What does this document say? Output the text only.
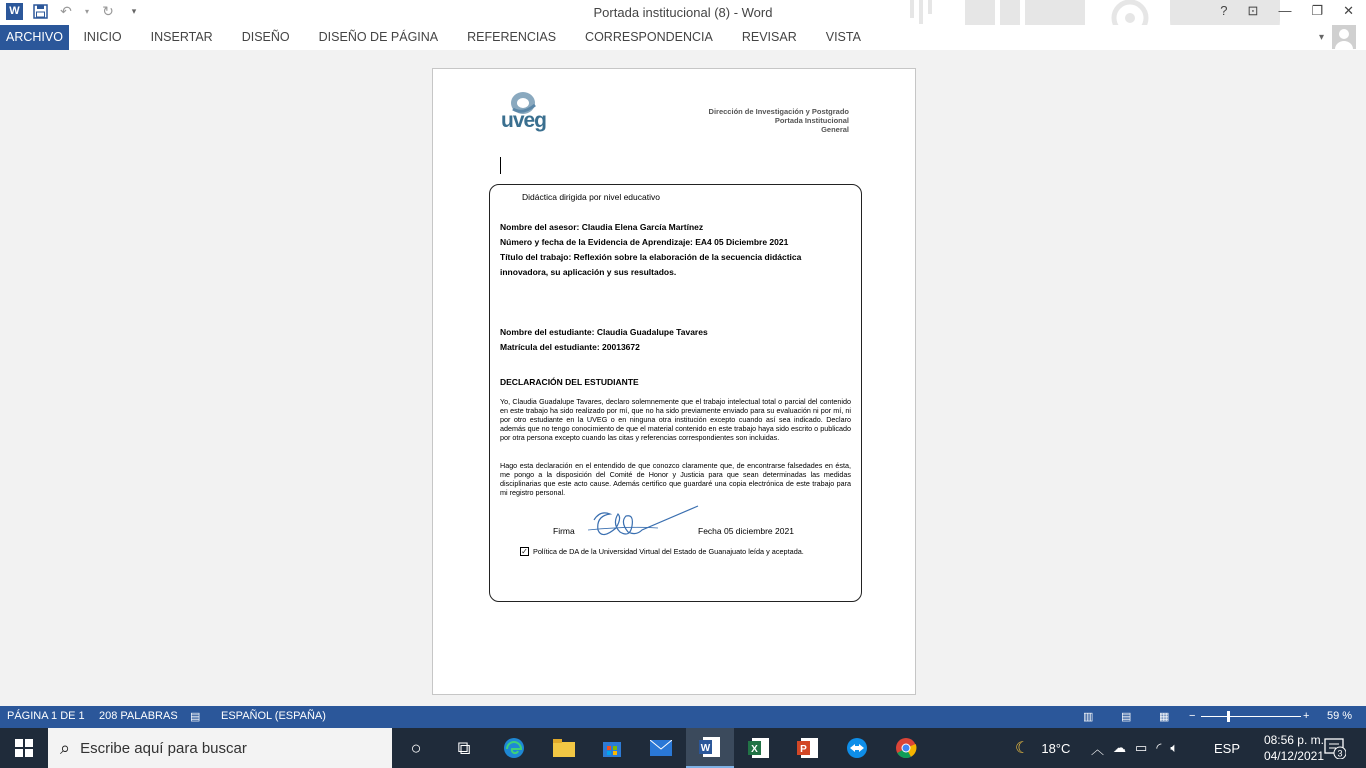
W	↶	▾ ↻	▾	Portada institucional (8) - Word	? ⊡ — ❐ ✕
ARCHIVO	INICIO	INSERTAR	DISEÑO	DISEÑO DE PÁGINA	REFERENCIAS	CORRESPONDENCIA	REVISAR	VISTA	▾
uveg	Dirección de Investigación y Postgrado
Portada Institucional
General
Didáctica dirigida por nivel educativo
Nombre del asesor: Claudia Elena García Martínez
Número y fecha de la Evidencia de Aprendizaje: EA4 05 Diciembre 2021
Título del trabajo: Reflexión sobre la elaboración de la secuencia didáctica
innovadora, su aplicación y sus resultados.
Nombre del estudiante: Claudia Guadalupe Tavares
Matrícula del estudiante: 20013672
DECLARACIÓN DEL ESTUDIANTE
Yo, Claudia Guadalupe Tavares, declaro solemnemente que el trabajo intelectual total o parcial del contenido en este trabajo ha sido realizado por mí, que no ha sido previamente enviado para su evaluación ni por mí, ni por otro estudiante en la UVEG o en ninguna otra institución excepto cuando así sea indicado. Declaro además que no tengo conocimiento de que el material contenido en este trabajo haya sido escrito o publicado por otra persona excepto cuando las citas y referencias correspondientes son incluidas.
Hago esta declaración en el entendido de que conozco claramente que, de encontrarse falsedades en ésta, me pongo a la disposición del Comité de Honor y Justicia para que sean determinadas las medidas disciplinarias que este acto cause. Además certifico que guardaré una copia electrónica de este trabajo para mi registro personal.
Firma	Fecha 05 diciembre 2021
✓ Política de DA de la Universidad Virtual del Estado de Guanajuato leída y aceptada.
PÁGINA 1 DE 1 208 PALABRAS ▤ ESPAÑOL (ESPAÑA)	▥	▤	▦ −	+ 59 %
⌕ Escribe aquí para buscar	○	⧉	W	X	P	☾ 18°C ︿ ☁ ▭ ◜ 🔈︎	ESP
08:56 p. m.
04/12/2021 3
